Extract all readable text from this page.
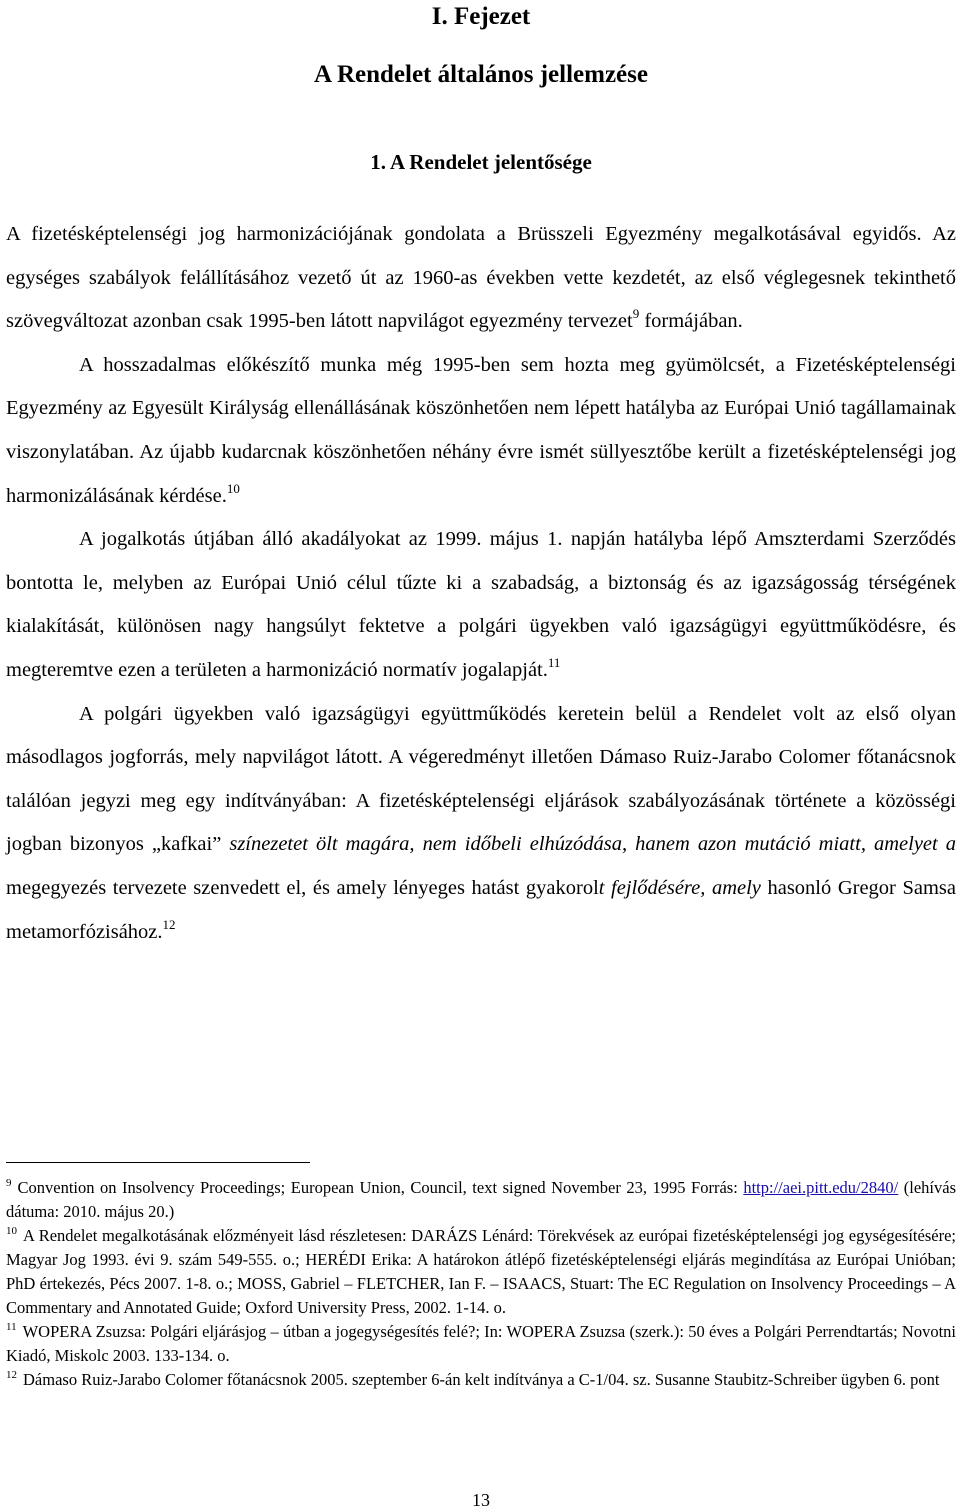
I. Fejezet
A Rendelet általános jellemzése
1. A Rendelet jelentősége

A fizetésképtelenségi jog harmonizációjának gondolata a Brüsszeli Egyezmény megalkotásával egyidős. Az egységes szabályok felállításához vezető út az 1960-as években vette kezdetét, az első véglegesnek tekinthető szövegváltozat azonban csak 1995-ben látott napvilágot egyezmény tervezet$^9$ formájában.

A hosszadalmas előkészítő munka még 1995-ben sem hozta meg gyümölcsét, a Fizetésképtelenségi Egyezmény az Egyesült Királyság ellenállásának köszönhetően nem lépett hatályba az Európai Unió tagállamainak viszonylatában. Az újabb kudarcnak köszönhetően néhány évre ismét süllyesztőbe került a fizetésképtelenségi jog harmonizálásának kérdése.$^{10}$

A jogalkotás útjában álló akadályokat az 1999. május 1. napján hatályba lépő Amszterdami Szerződés bontotta le, melyben az Európai Unió célul tűzte ki a szabadság, a biztonság és az igazságosság térségének kialakítását, különösen nagy hangsúlyt fektetve a polgári ügyekben való igazságügyi együttműködésre, és megteremtve ezen a területen a harmonizáció normatív jogalapját.$^{11}$

A polgári ügyekben való igazságügyi együttműködés keretein belül a Rendelet volt az első olyan másodlagos jogforrás, mely napvilágot látott. A végeredményt illetően Dámaso Ruiz-Jarabo Colomer főtanácsnok találóan jegyzi meg egy indítványában: A fizetésképtelenségi eljárások szabályozásának története a közösségi jogban bizonyos „kafkai” színezetet ölt magára, nem időbeli elhúzódása, hanem azon mutáció miatt, amelyet a megegyezés tervezete szenvedett el, és amely lényeges hatást gyakorolt fejlődésére, amely hasonló Gregor Samsa metamorfózisához.$^{12}$

$^9$ Convention on Insolvency Proceedings; European Union, Council, text signed November 23, 1995 Forrás: http://aei.pitt.edu/2840/ (lehívás dátuma: 2010. május 20.)

$^{10}$ A Rendelet megalkotásának előzményeit lásd részletesen: DARÁZS Lénárd: Törekvések az európai fizetésképtelenségi jog egységesítésére; Magyar Jog 1993. évi 9. szám 549-555. o.; HERÉDI Erika: A határokon átlépő fizetésképtelenségi eljárás megindítása az Európai Unióban; PhD értekezés, Pécs 2007. 1-8. o.; MOSS, Gabriel – FLETCHER, Ian F. – ISAACS, Stuart: The EC Regulation on Insolvency Proceedings – A Commentary and Annotated Guide; Oxford University Press, 2002. 1-14. o.

$^{11}$ WOPERA Zsuzsa: Polgári eljárásjog – útban a jogegységesítés felé?; In: WOPERA Zsuzsa (szerk.): 50 éves a Polgári Perrendtartás; Novotni Kiadó, Miskolc 2003. 133-134. o.

$^{12}$ Dámaso Ruiz-Jarabo Colomer főtanácsnok 2005. szeptember 6-án kelt indítványa a C-1/04. sz. Susanne Staubitz-Schreiber ügyben 6. pont

13
